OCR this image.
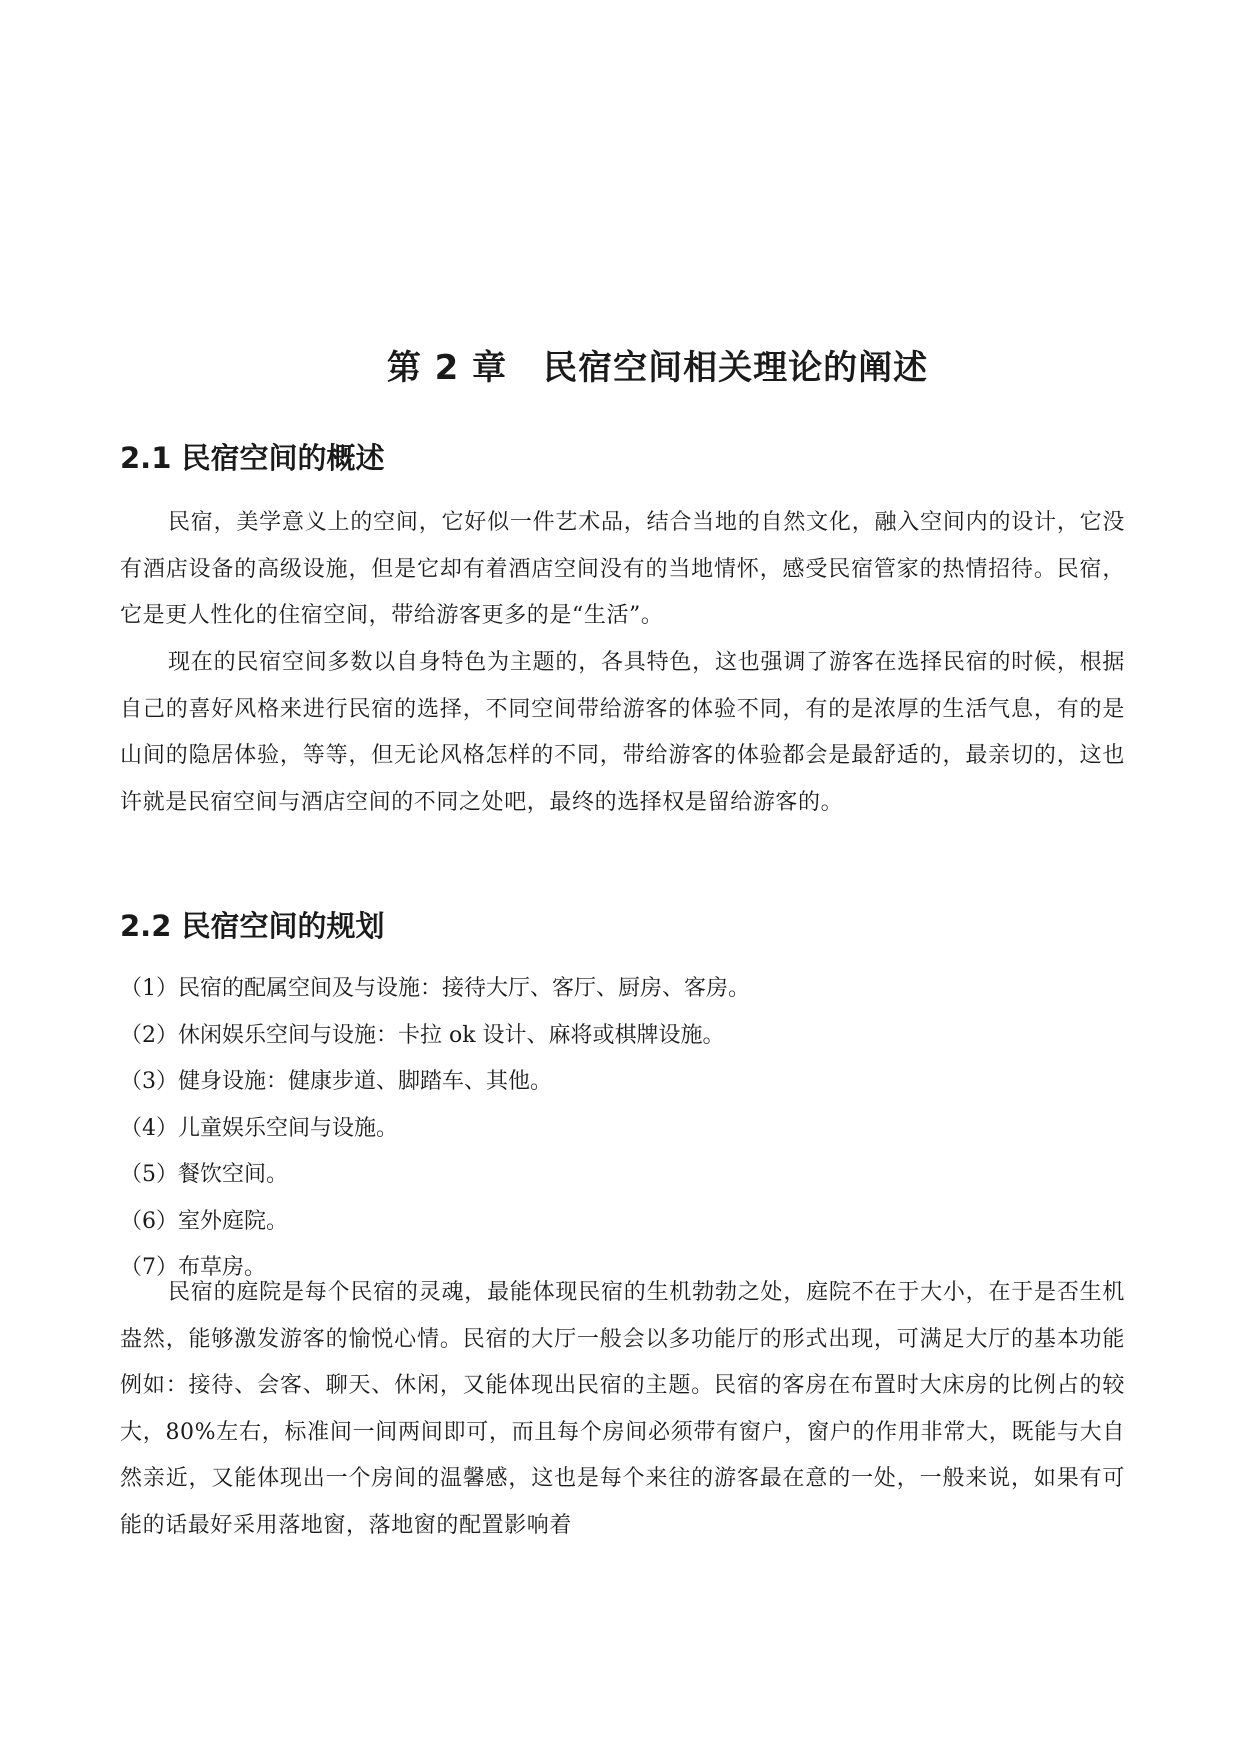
第 2 章 民宿空间相关理论的阐述
2.1 民宿空间的概述

民宿，美学意义上的空间，它好似一件艺术品，结合当地的自然文化，融入空间内的设计，它没有酒店设备的高级设施，但是它却有着酒店空间没有的当地情怀，感受民宿管家的热情招待。民宿，它是更人性化的住宿空间，带给游客更多的是“生活”。

现在的民宿空间多数以自身特色为主题的，各具特色，这也强调了游客在选择民宿的时候，根据自己的喜好风格来进行民宿的选择，不同空间带给游客的体验不同，有的是浓厚的生活气息，有的是山间的隐居体验，等等，但无论风格怎样的不同，带给游客的体验都会是最舒适的，最亲切的，这也许就是民宿空间与酒店空间的不同之处吧，最终的选择权是留给游客的。

2.2 民宿空间的规划
（1）民宿的配属空间及与设施：接待大厅、客厅、厨房、客房。
（2）休闲娱乐空间与设施：卡拉 ok 设计、麻将或棋牌设施。
（3）健身设施：健康步道、脚踏车、其他。
（4）儿童娱乐空间与设施。
（5）餐饮空间。
（6）室外庭院。
（7）布草房。

民宿的庭院是每个民宿的灵魂，最能体现民宿的生机勃勃之处，庭院不在于大小，在于是否生机盎然，能够激发游客的愉悦心情。民宿的大厅一般会以多功能厅的形式出现，可满足大厅的基本功能例如：接待、会客、聊天、休闲，又能体现出民宿的主题。民宿的客房在布置时大床房的比例占的较大，80%左右，标准间一间两间即可，而且每个房间必须带有窗户，窗户的作用非常大，既能与大自然亲近，又能体现出一个房间的温馨感，这也是每个来往的游客最在意的一处，一般来说，如果有可能的话最好采用落地窗，落地窗的配置影响着
